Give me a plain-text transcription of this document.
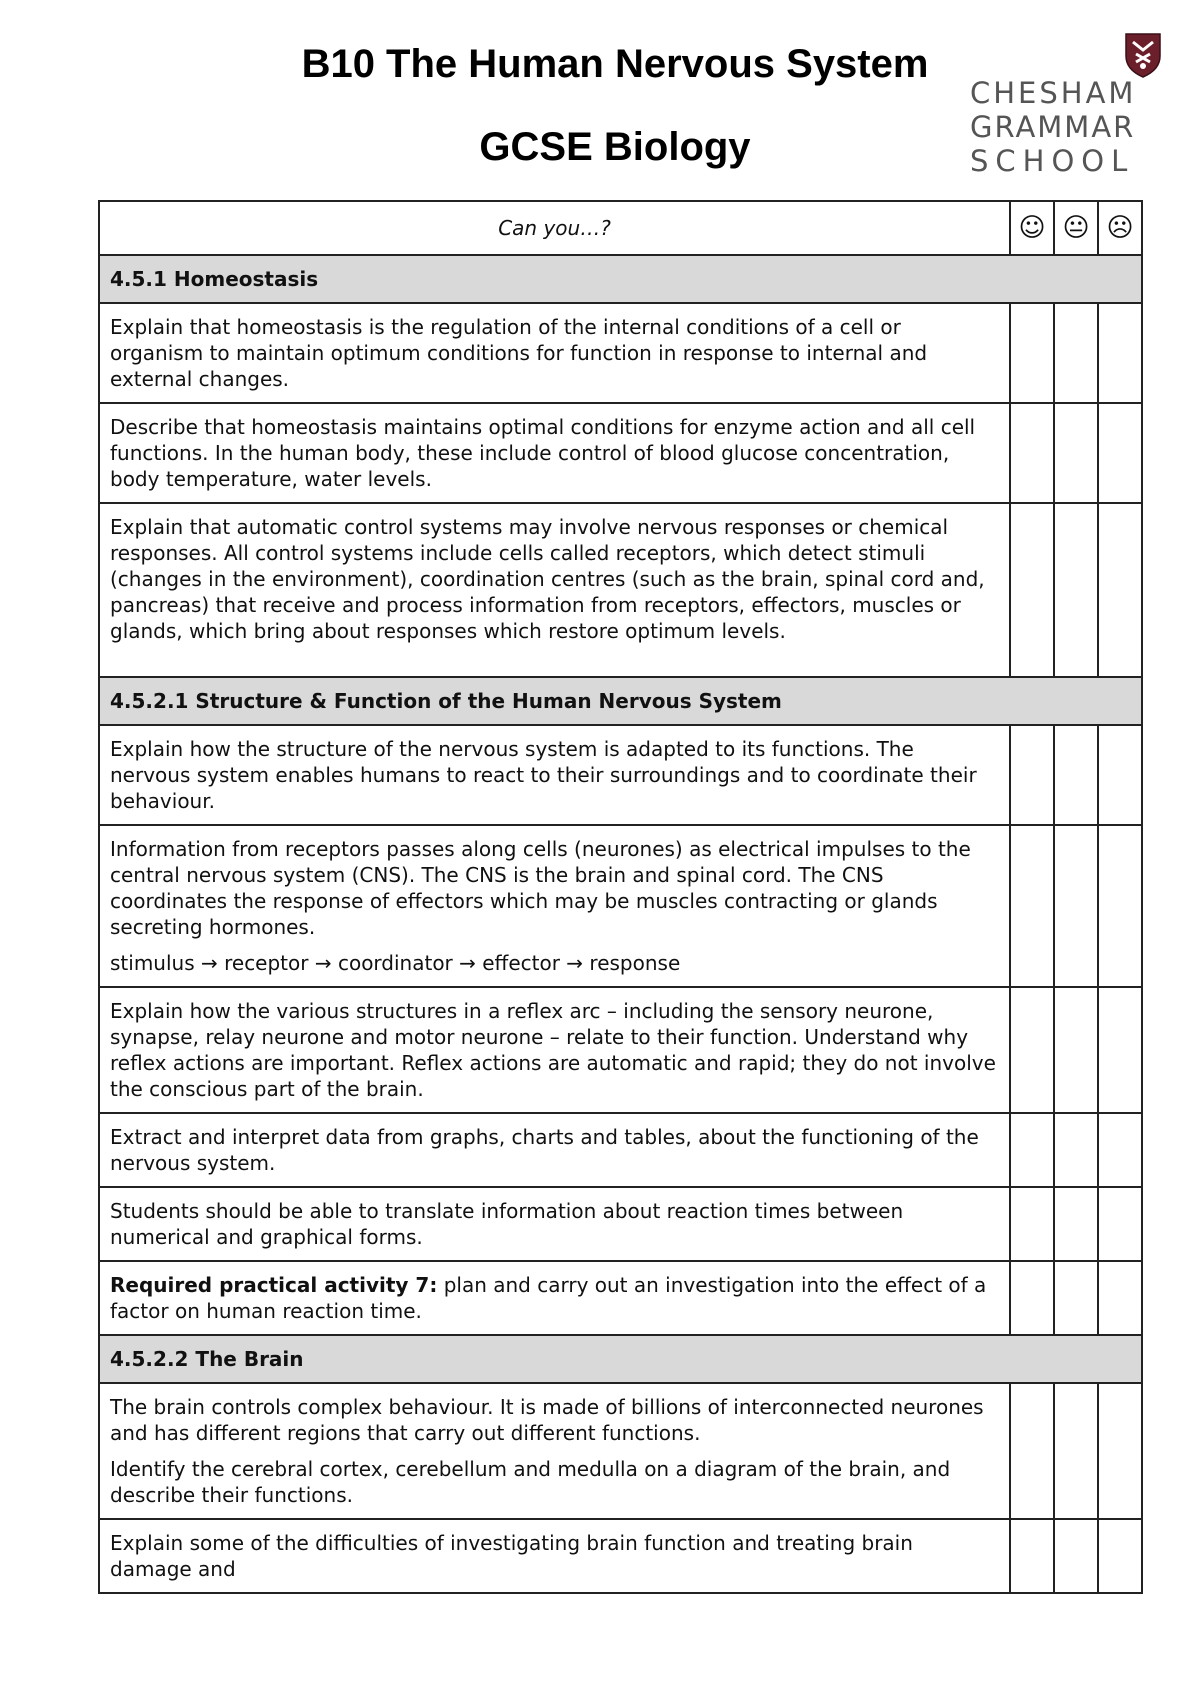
B10 The Human Nervous System
GCSE Biology
CHESHAM
GRAMMAR
SCHOOL
Can you…?	☺	😐	☹
4.5.1 Homeostasis			

Explain that homeostasis is the regulation of the internal conditions of a cell or organism to maintain optimum conditions for function in response to internal and external changes.			

Describe that homeostasis maintains optimal conditions for enzyme action and all cell functions. In the human body, these include control of blood glucose concentration, body temperature, water levels.			

Explain that automatic control systems may involve nervous responses or chemical responses. All control systems include cells called receptors, which detect stimuli (changes in the environment), coordination centres (such as the brain, spinal cord and, pancreas) that receive and process information from receptors, effectors, muscles or glands, which bring about responses which restore optimum levels.			

4.5.2.1 Structure & Function of the Human Nervous System			

Explain how the structure of the nervous system is adapted to its functions. The nervous system enables humans to react to their surroundings and to coordinate their behaviour.			

Information from receptors passes along cells (neurones) as electrical impulses to the central nervous system (CNS). The CNS is the brain and spinal cord. The CNS coordinates the response of effectors which may be muscles contracting or glands secreting hormones.

stimulus → receptor → coordinator → effector → response			

Explain how the various structures in a reflex arc – including the sensory neurone, synapse, relay neurone and motor neurone – relate to their function. Understand why reflex actions are important. Reflex actions are automatic and rapid; they do not involve the conscious part of the brain.			

Extract and interpret data from graphs, charts and tables, about the functioning of the nervous system.			

Students should be able to translate information about reaction times between numerical and graphical forms.			

Required practical activity 7: plan and carry out an investigation into the effect of a factor on human reaction time.			

4.5.2.2 The Brain			

The brain controls complex behaviour. It is made of billions of interconnected neurones and has different regions that carry out different functions.

Identify the cerebral cortex, cerebellum and medulla on a diagram of the brain, and describe their functions.			

Explain some of the difficulties of investigating brain function and treating brain damage and			
